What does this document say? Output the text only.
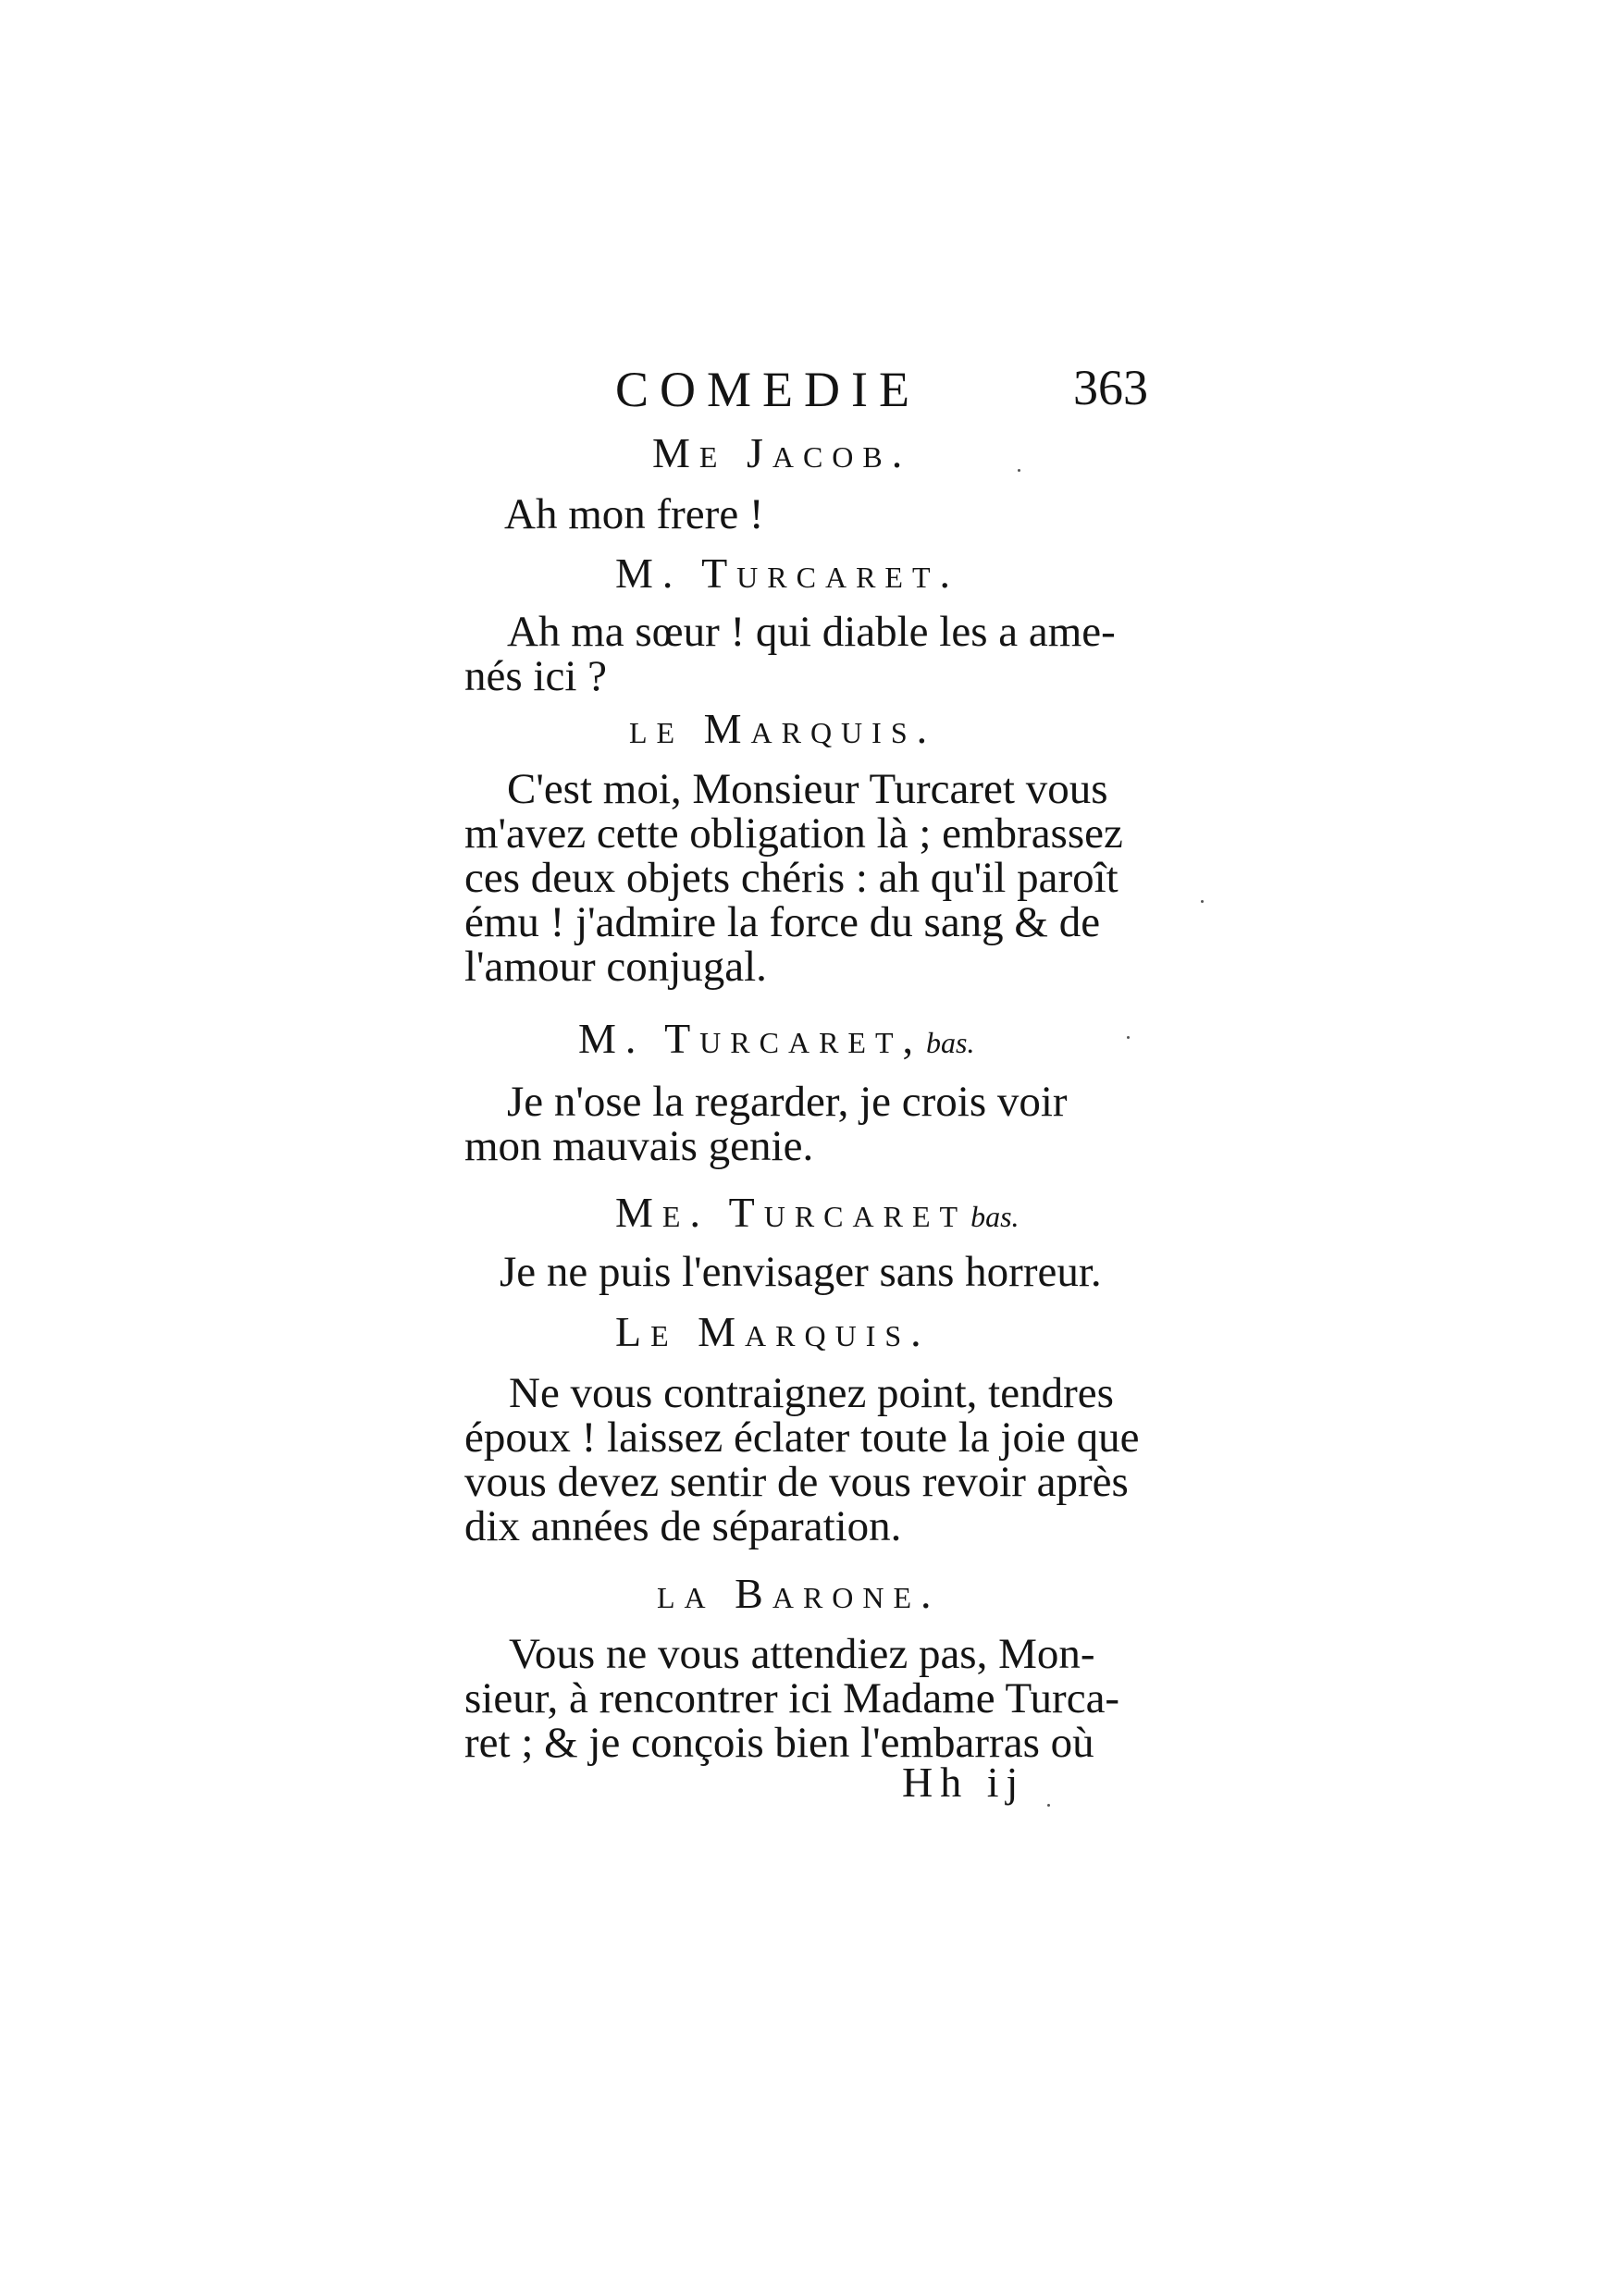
COMEDIE	363
Me Jacob.
Ah mon frere !
M. Turcaret.
Ah ma sœur ! qui diable les a ame-
nés ici ?
le Marquis.
C'est moi, Monsieur Turcaret vous
m'avez cette obligation là ; embrassez
ces deux objets chéris : ah qu'il paroît
ému ! j'admire la force du sang & de
l'amour conjugal.
M. Turcaret, bas.
Je n'ose la regarder, je crois voir
mon mauvais genie.
Me. Turcaret bas.
Je ne puis l'envisager sans horreur.
Le Marquis.
Ne vous contraignez point, tendres
époux ! laissez éclater toute la joie que
vous devez sentir de vous revoir après
dix années de séparation.
la Barone.
Vous ne vous attendiez pas, Mon-
sieur, à rencontrer ici Madame Turca-
ret ; & je conçois bien l'embarras où
Hh ij
